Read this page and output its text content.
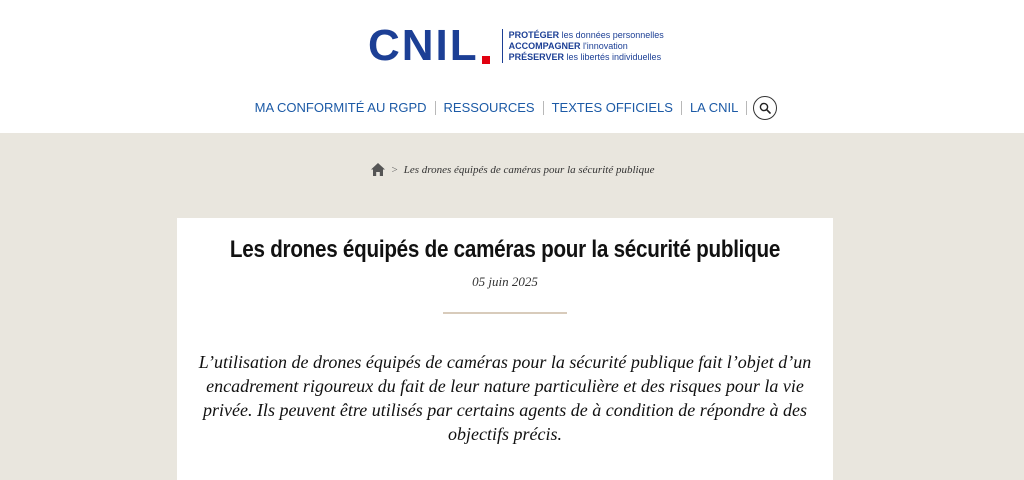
CNIL	PROTÉGER les données personnelles
ACCOMPAGNER l'innovation
PRÉSERVER les libertés individuelles
MA CONFORMITÉ AU RGPD	RESSOURCES	TEXTES OFFICIELS	LA CNIL
> Les drones équipés de caméras pour la sécurité publique
Les drones équipés de caméras pour la sécurité publique
05 juin 2025

L’utilisation de drones équipés de caméras pour la sécurité publique fait l’objet d’un encadrement rigoureux du fait de leur nature particulière et des risques pour la vie privée. Ils peuvent être utilisés par certains agents de à condition de répondre à des objectifs précis.
